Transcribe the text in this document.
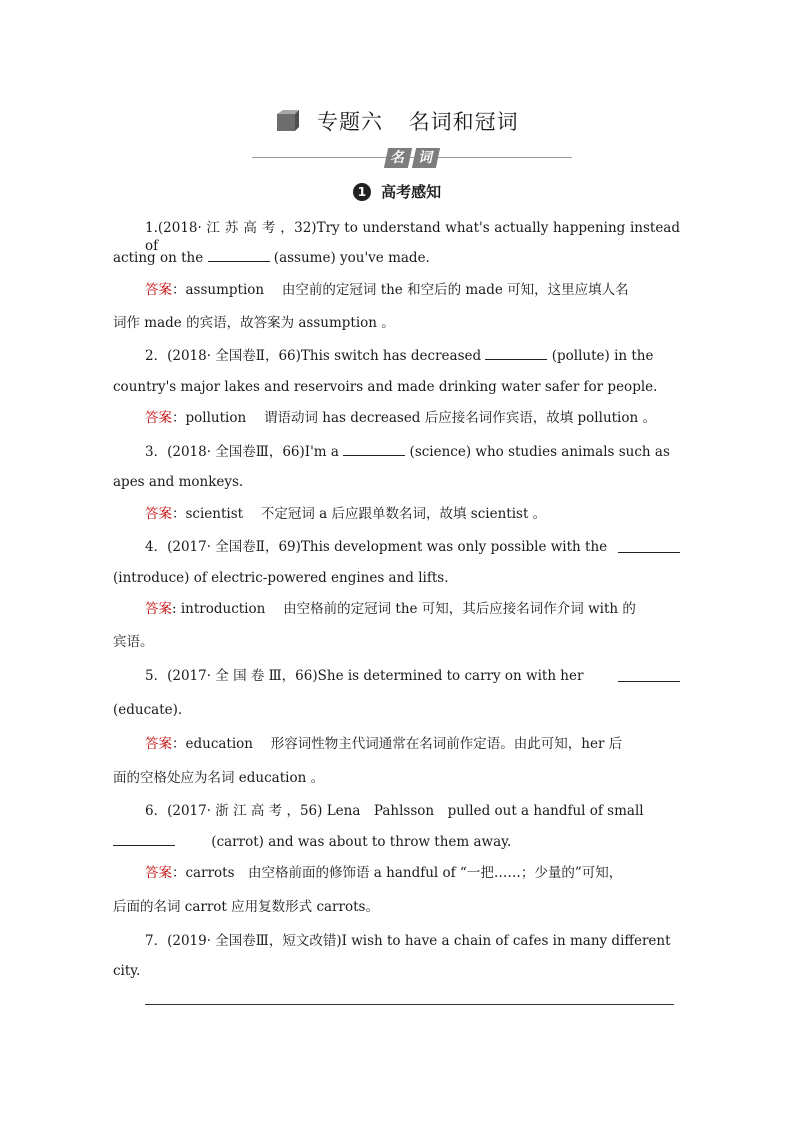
专题六 名词和冠词
名 词
1 高考感知
1.(2018· 江 苏 高 考 ，32)Try to understand what's actually happening instead of
acting on the	(assume) you've made.
答案：assumption　 由空前的定冠词 the 和空后的 made 可知，这里应填人名
词作 made 的宾语，故答案为 assumption 。
2．(2018· 全国卷Ⅱ，66)This switch has decreased	(pollute) in the
country's major lakes and reservoirs and made drinking water safer for people.
答案：pollution　 谓语动词 has decreased 后应接名词作宾语，故填 pollution 。
3．(2018· 全国卷Ⅲ，66)I'm a	(science) who studies animals such as
apes and monkeys.
答案：scientist　 不定冠词 a 后应跟单数名词，故填 scientist 。
4．(2017· 全国卷Ⅱ，69)This development was only possible with the
(introduce) of electric-powered engines and lifts.
答案: introduction　 由空格前的定冠词 the 可知，其后应接名词作介词 with 的
宾语。
5．(2017· 全 国 卷 Ⅲ，66)She is determined to carry on with her
(educate)．
答案：education　 形容词性物主代词通常在名词前作定语。由此可知，her 后
面的空格处应为名词 education 。
6．(2017· 浙 江 高 考 ，56) Lena　Pahlsson　pulled out a handful of small
(carrot) and was about to throw them away.
答案：carrots　由空格前面的修饰语 a handful of “一把……；少量的”可知，
后面的名词 carrot 应用复数形式 carrots。
7．(2019· 全国卷Ⅲ，短文改错)I wish to have a chain of cafes in many different
city.
